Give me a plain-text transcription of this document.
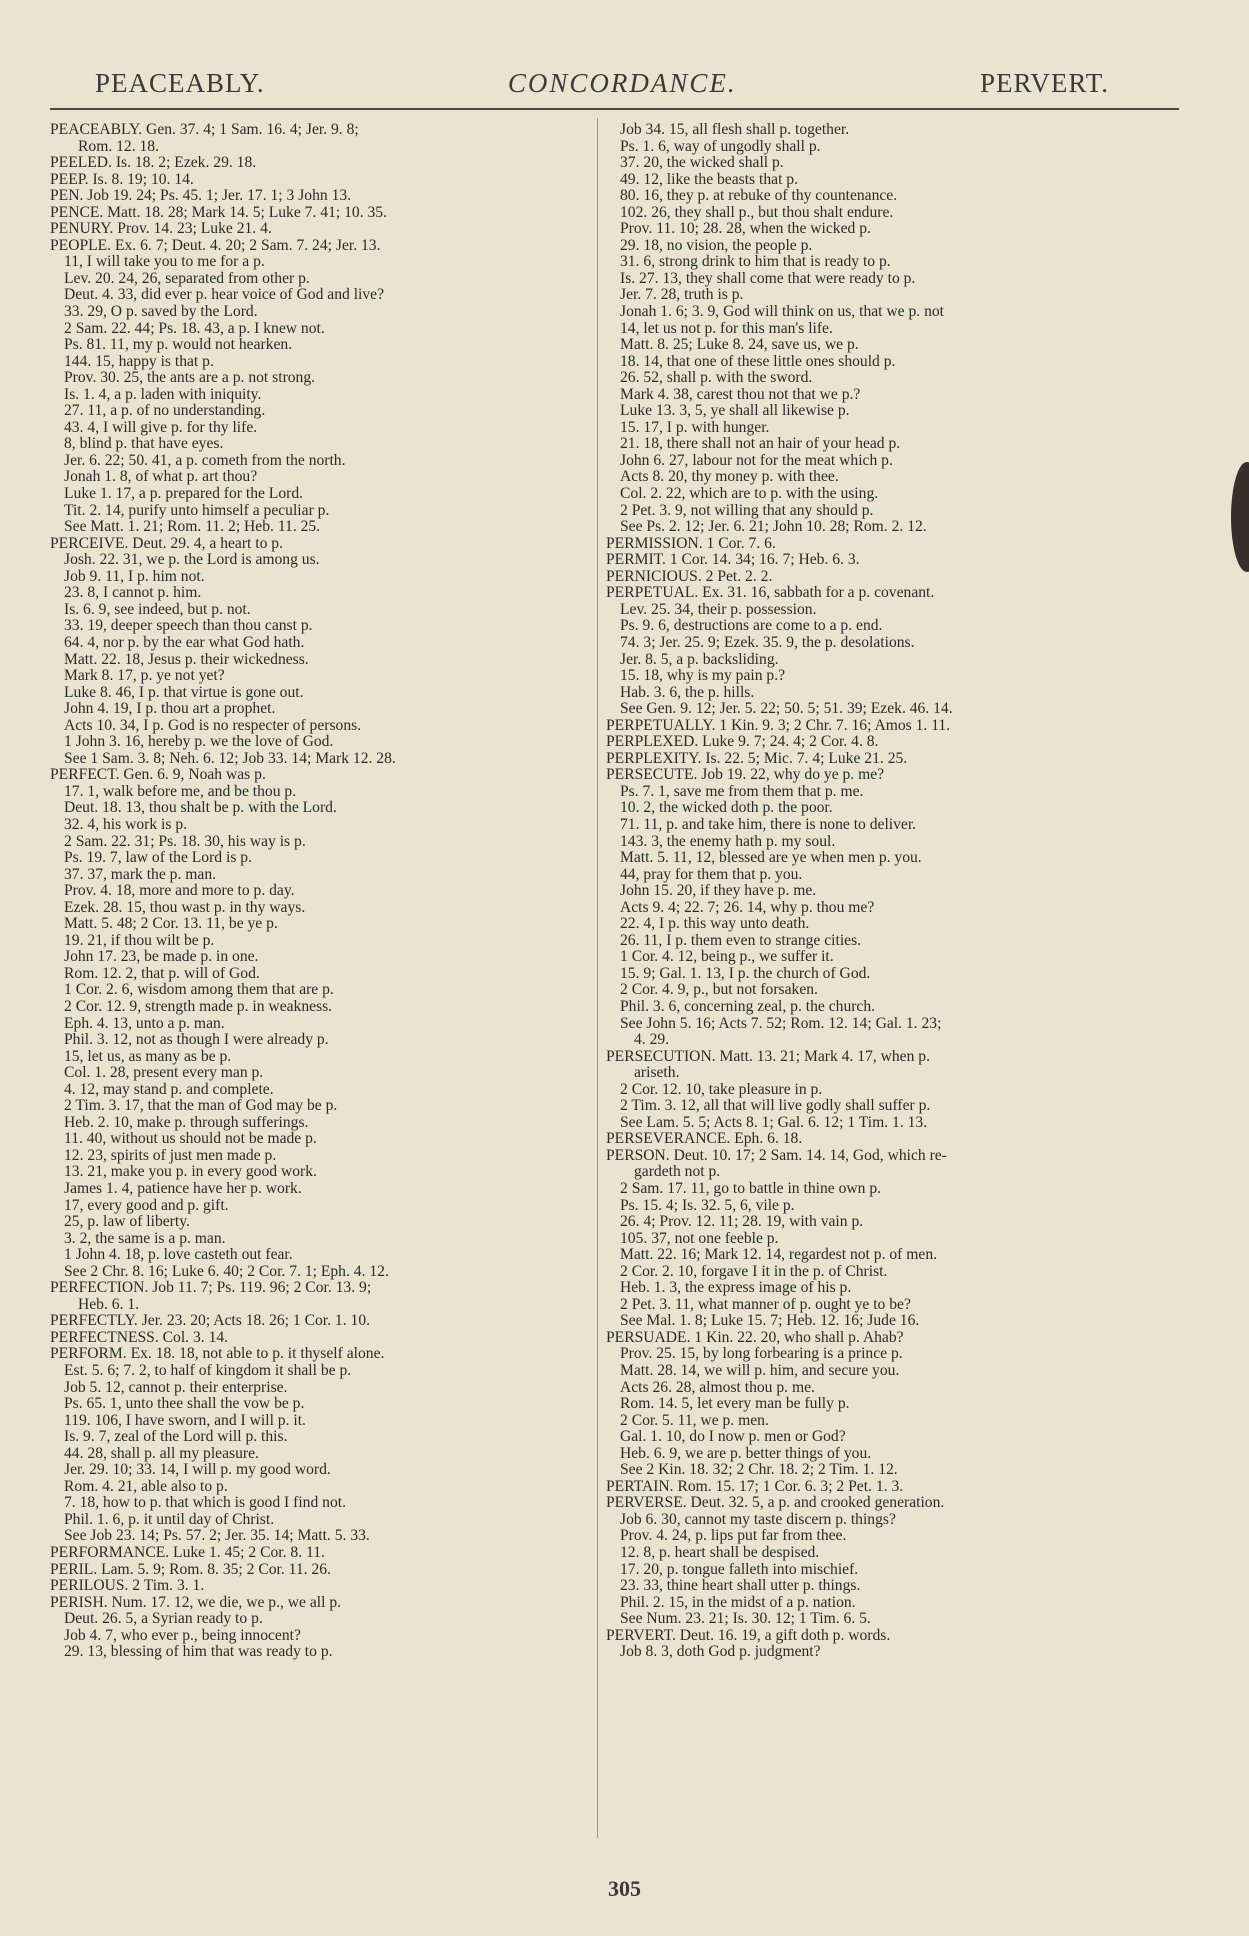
PEACEABLY.	CONCORDANCE.	PERVERT.
PEACEABLY. Gen. 37. 4; 1 Sam. 16. 4; Jer. 9. 8;
Rom. 12. 18.
PEELED. Is. 18. 2; Ezek. 29. 18.
PEEP. Is. 8. 19; 10. 14.
PEN. Job 19. 24; Ps. 45. 1; Jer. 17. 1; 3 John 13.
PENCE. Matt. 18. 28; Mark 14. 5; Luke 7. 41; 10. 35.
PENURY. Prov. 14. 23; Luke 21. 4.
PEOPLE. Ex. 6. 7; Deut. 4. 20; 2 Sam. 7. 24; Jer. 13.
11, I will take you to me for a p.
Lev. 20. 24, 26, separated from other p.
Deut. 4. 33, did ever p. hear voice of God and live?
33. 29, O p. saved by the Lord.
2 Sam. 22. 44; Ps. 18. 43, a p. I knew not.
Ps. 81. 11, my p. would not hearken.
144. 15, happy is that p.
Prov. 30. 25, the ants are a p. not strong.
Is. 1. 4, a p. laden with iniquity.
27. 11, a p. of no understanding.
43. 4, I will give p. for thy life.
8, blind p. that have eyes.
Jer. 6. 22; 50. 41, a p. cometh from the north.
Jonah 1. 8, of what p. art thou?
Luke 1. 17, a p. prepared for the Lord.
Tit. 2. 14, purify unto himself a peculiar p.
See Matt. 1. 21; Rom. 11. 2; Heb. 11. 25.
PERCEIVE. Deut. 29. 4, a heart to p.
Josh. 22. 31, we p. the Lord is among us.
Job 9. 11, I p. him not.
23. 8, I cannot p. him.
Is. 6. 9, see indeed, but p. not.
33. 19, deeper speech than thou canst p.
64. 4, nor p. by the ear what God hath.
Matt. 22. 18, Jesus p. their wickedness.
Mark 8. 17, p. ye not yet?
Luke 8. 46, I p. that virtue is gone out.
John 4. 19, I p. thou art a prophet.
Acts 10. 34, I p. God is no respecter of persons.
1 John 3. 16, hereby p. we the love of God.
See 1 Sam. 3. 8; Neh. 6. 12; Job 33. 14; Mark 12. 28.
PERFECT. Gen. 6. 9, Noah was p.
17. 1, walk before me, and be thou p.
Deut. 18. 13, thou shalt be p. with the Lord.
32. 4, his work is p.
2 Sam. 22. 31; Ps. 18. 30, his way is p.
Ps. 19. 7, law of the Lord is p.
37. 37, mark the p. man.
Prov. 4. 18, more and more to p. day.
Ezek. 28. 15, thou wast p. in thy ways.
Matt. 5. 48; 2 Cor. 13. 11, be ye p.
19. 21, if thou wilt be p.
John 17. 23, be made p. in one.
Rom. 12. 2, that p. will of God.
1 Cor. 2. 6, wisdom among them that are p.
2 Cor. 12. 9, strength made p. in weakness.
Eph. 4. 13, unto a p. man.
Phil. 3. 12, not as though I were already p.
15, let us, as many as be p.
Col. 1. 28, present every man p.
4. 12, may stand p. and complete.
2 Tim. 3. 17, that the man of God may be p.
Heb. 2. 10, make p. through sufferings.
11. 40, without us should not be made p.
12. 23, spirits of just men made p.
13. 21, make you p. in every good work.
James 1. 4, patience have her p. work.
17, every good and p. gift.
25, p. law of liberty.
3. 2, the same is a p. man.
1 John 4. 18, p. love casteth out fear.
See 2 Chr. 8. 16; Luke 6. 40; 2 Cor. 7. 1; Eph. 4. 12.
PERFECTION. Job 11. 7; Ps. 119. 96; 2 Cor. 13. 9;
Heb. 6. 1.
PERFECTLY. Jer. 23. 20; Acts 18. 26; 1 Cor. 1. 10.
PERFECTNESS. Col. 3. 14.
PERFORM. Ex. 18. 18, not able to p. it thyself alone.
Est. 5. 6; 7. 2, to half of kingdom it shall be p.
Job 5. 12, cannot p. their enterprise.
Ps. 65. 1, unto thee shall the vow be p.
119. 106, I have sworn, and I will p. it.
Is. 9. 7, zeal of the Lord will p. this.
44. 28, shall p. all my pleasure.
Jer. 29. 10; 33. 14, I will p. my good word.
Rom. 4. 21, able also to p.
7. 18, how to p. that which is good I find not.
Phil. 1. 6, p. it until day of Christ.
See Job 23. 14; Ps. 57. 2; Jer. 35. 14; Matt. 5. 33.
PERFORMANCE. Luke 1. 45; 2 Cor. 8. 11.
PERIL. Lam. 5. 9; Rom. 8. 35; 2 Cor. 11. 26.
PERILOUS. 2 Tim. 3. 1.
PERISH. Num. 17. 12, we die, we p., we all p.
Deut. 26. 5, a Syrian ready to p.
Job 4. 7, who ever p., being innocent?
29. 13, blessing of him that was ready to p.
Job 34. 15, all flesh shall p. together.
Ps. 1. 6, way of ungodly shall p.
37. 20, the wicked shall p.
49. 12, like the beasts that p.
80. 16, they p. at rebuke of thy countenance.
102. 26, they shall p., but thou shalt endure.
Prov. 11. 10; 28. 28, when the wicked p.
29. 18, no vision, the people p.
31. 6, strong drink to him that is ready to p.
Is. 27. 13, they shall come that were ready to p.
Jer. 7. 28, truth is p.
Jonah 1. 6; 3. 9, God will think on us, that we p. not
14, let us not p. for this man's life.
Matt. 8. 25; Luke 8. 24, save us, we p.
18. 14, that one of these little ones should p.
26. 52, shall p. with the sword.
Mark 4. 38, carest thou not that we p.?
Luke 13. 3, 5, ye shall all likewise p.
15. 17, I p. with hunger.
21. 18, there shall not an hair of your head p.
John 6. 27, labour not for the meat which p.
Acts 8. 20, thy money p. with thee.
Col. 2. 22, which are to p. with the using.
2 Pet. 3. 9, not willing that any should p.
See Ps. 2. 12; Jer. 6. 21; John 10. 28; Rom. 2. 12.
PERMISSION. 1 Cor. 7. 6.
PERMIT. 1 Cor. 14. 34; 16. 7; Heb. 6. 3.
PERNICIOUS. 2 Pet. 2. 2.
PERPETUAL. Ex. 31. 16, sabbath for a p. covenant.
Lev. 25. 34, their p. possession.
Ps. 9. 6, destructions are come to a p. end.
74. 3; Jer. 25. 9; Ezek. 35. 9, the p. desolations.
Jer. 8. 5, a p. backsliding.
15. 18, why is my pain p.?
Hab. 3. 6, the p. hills.
See Gen. 9. 12; Jer. 5. 22; 50. 5; 51. 39; Ezek. 46. 14.
PERPETUALLY. 1 Kin. 9. 3; 2 Chr. 7. 16; Amos 1. 11.
PERPLEXED. Luke 9. 7; 24. 4; 2 Cor. 4. 8.
PERPLEXITY. Is. 22. 5; Mic. 7. 4; Luke 21. 25.
PERSECUTE. Job 19. 22, why do ye p. me?
Ps. 7. 1, save me from them that p. me.
10. 2, the wicked doth p. the poor.
71. 11, p. and take him, there is none to deliver.
143. 3, the enemy hath p. my soul.
Matt. 5. 11, 12, blessed are ye when men p. you.
44, pray for them that p. you.
John 15. 20, if they have p. me.
Acts 9. 4; 22. 7; 26. 14, why p. thou me?
22. 4, I p. this way unto death.
26. 11, I p. them even to strange cities.
1 Cor. 4. 12, being p., we suffer it.
15. 9; Gal. 1. 13, I p. the church of God.
2 Cor. 4. 9, p., but not forsaken.
Phil. 3. 6, concerning zeal, p. the church.
See John 5. 16; Acts 7. 52; Rom. 12. 14; Gal. 1. 23;
4. 29.
PERSECUTION. Matt. 13. 21; Mark 4. 17, when p.
ariseth.
2 Cor. 12. 10, take pleasure in p.
2 Tim. 3. 12, all that will live godly shall suffer p.
See Lam. 5. 5; Acts 8. 1; Gal. 6. 12; 1 Tim. 1. 13.
PERSEVERANCE. Eph. 6. 18.
PERSON. Deut. 10. 17; 2 Sam. 14. 14, God, which re-
gardeth not p.
2 Sam. 17. 11, go to battle in thine own p.
Ps. 15. 4; Is. 32. 5, 6, vile p.
26. 4; Prov. 12. 11; 28. 19, with vain p.
105. 37, not one feeble p.
Matt. 22. 16; Mark 12. 14, regardest not p. of men.
2 Cor. 2. 10, forgave I it in the p. of Christ.
Heb. 1. 3, the express image of his p.
2 Pet. 3. 11, what manner of p. ought ye to be?
See Mal. 1. 8; Luke 15. 7; Heb. 12. 16; Jude 16.
PERSUADE. 1 Kin. 22. 20, who shall p. Ahab?
Prov. 25. 15, by long forbearing is a prince p.
Matt. 28. 14, we will p. him, and secure you.
Acts 26. 28, almost thou p. me.
Rom. 14. 5, let every man be fully p.
2 Cor. 5. 11, we p. men.
Gal. 1. 10, do I now p. men or God?
Heb. 6. 9, we are p. better things of you.
See 2 Kin. 18. 32; 2 Chr. 18. 2; 2 Tim. 1. 12.
PERTAIN. Rom. 15. 17; 1 Cor. 6. 3; 2 Pet. 1. 3.
PERVERSE. Deut. 32. 5, a p. and crooked generation.
Job 6. 30, cannot my taste discern p. things?
Prov. 4. 24, p. lips put far from thee.
12. 8, p. heart shall be despised.
17. 20, p. tongue falleth into mischief.
23. 33, thine heart shall utter p. things.
Phil. 2. 15, in the midst of a p. nation.
See Num. 23. 21; Is. 30. 12; 1 Tim. 6. 5.
PERVERT. Deut. 16. 19, a gift doth p. words.
Job 8. 3, doth God p. judgment?
305
